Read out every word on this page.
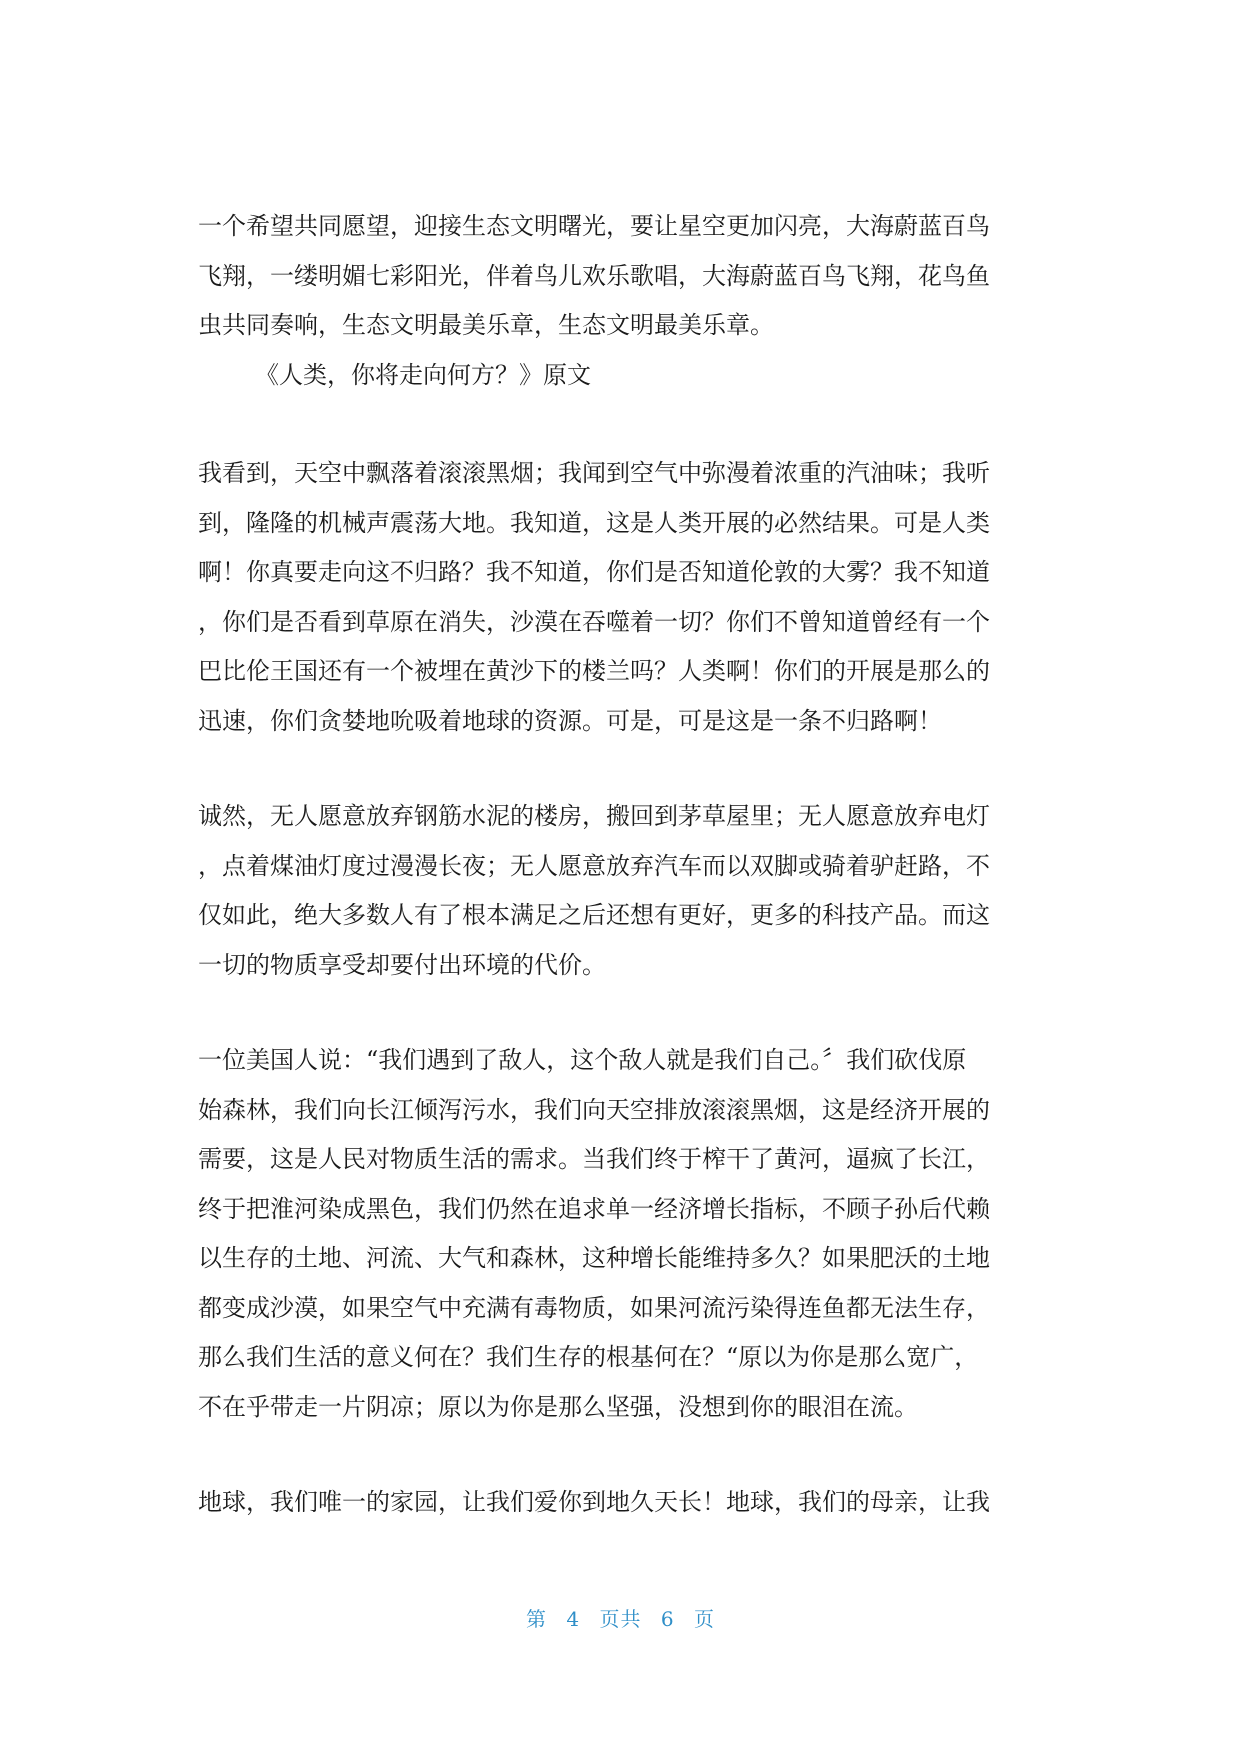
一个希望共同愿望，迎接生态文明曙光，要让星空更加闪亮，大海蔚蓝百鸟
飞翔，一缕明媚七彩阳光，伴着鸟儿欢乐歌唱，大海蔚蓝百鸟飞翔，花鸟鱼
虫共同奏响，生态文明最美乐章，生态文明最美乐章。

《人类，你将走向何方？》原文

我看到，天空中飘落着滚滚黑烟；我闻到空气中弥漫着浓重的汽油味；我听
到，隆隆的机械声震荡大地。我知道，这是人类开展的必然结果。可是人类
啊！你真要走向这不归路？我不知道，你们是否知道伦敦的大雾？我不知道
，你们是否看到草原在消失，沙漠在吞噬着一切？你们不曾知道曾经有一个
巴比伦王国还有一个被埋在黄沙下的楼兰吗？人类啊！你们的开展是那么的
迅速，你们贪婪地吮吸着地球的资源。可是，可是这是一条不归路啊！

诚然，无人愿意放弃钢筋水泥的楼房，搬回到茅草屋里；无人愿意放弃电灯
，点着煤油灯度过漫漫长夜；无人愿意放弃汽车而以双脚或骑着驴赶路，不
仅如此，绝大多数人有了根本满足之后还想有更好，更多的科技产品。而这
一切的物质享受却要付出环境的代价。

一位美国人说：“我们遇到了敌人，这个敌人就是我们自己。〞我们砍伐原
始森林，我们向长江倾泻污水，我们向天空排放滚滚黑烟，这是经济开展的
需要，这是人民对物质生活的需求。当我们终于榨干了黄河，逼疯了长江，
终于把淮河染成黑色，我们仍然在追求单一经济增长指标，不顾子孙后代赖
以生存的土地、河流、大气和森林，这种增长能维持多久？如果肥沃的土地
都变成沙漠，如果空气中充满有毒物质，如果河流污染得连鱼都无法生存，
那么我们生活的意义何在？我们生存的根基何在？“原以为你是那么宽广，
不在乎带走一片阴凉；原以为你是那么坚强，没想到你的眼泪在流。

地球，我们唯一的家园，让我们爱你到地久天长！地球，我们的母亲，让我

第 4 页共 6 页
